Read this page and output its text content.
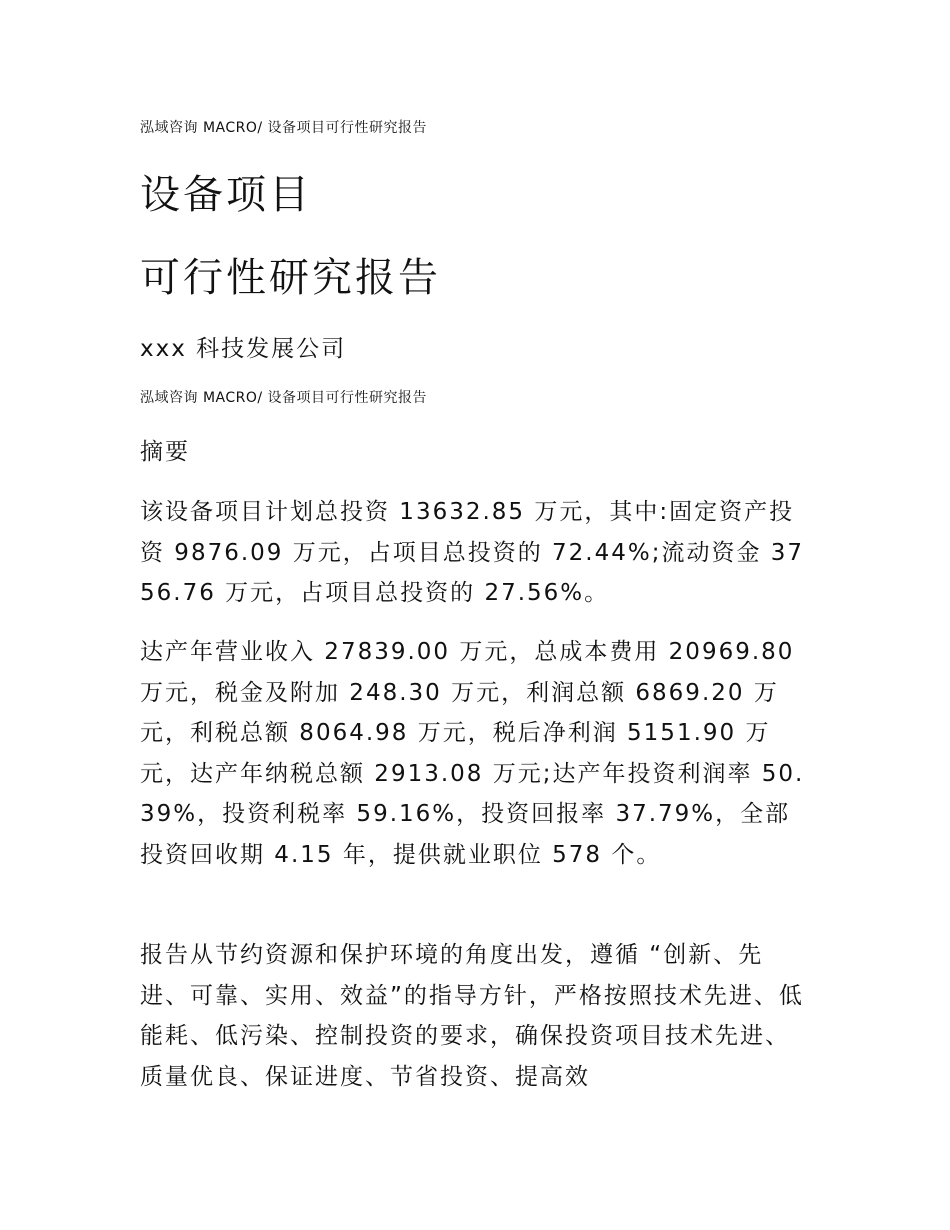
泓域咨询 MACRO/ 设备项目可行性研究报告
设备项目
可行性研究报告
xxx 科技发展公司
泓域咨询 MACRO/ 设备项目可行性研究报告
摘要
该设备项目计划总投资 13632.85 万元，其中:固定资产投资 9876.09 万元，占项目总投资的 72.44%;流动资金 3756.76 万元，占项目总投资的 27.56%。
达产年营业收入 27839.00 万元，总成本费用 20969.80 万元，税金及附加 248.30 万元，利润总额 6869.20 万元，利税总额 8064.98 万元，税后净利润 5151.90 万元，达产年纳税总额 2913.08 万元;达产年投资利润率 50.39%，投资利税率 59.16%，投资回报率 37.79%，全部投资回收期 4.15 年，提供就业职位 578 个。
报告从节约资源和保护环境的角度出发，遵循 “创新、先进、可靠、实用、效益”的指导方针，严格按照技术先进、低能耗、低污染、控制投资的要求，确保投资项目技术先进、质量优良、保证进度、节省投资、提高效
